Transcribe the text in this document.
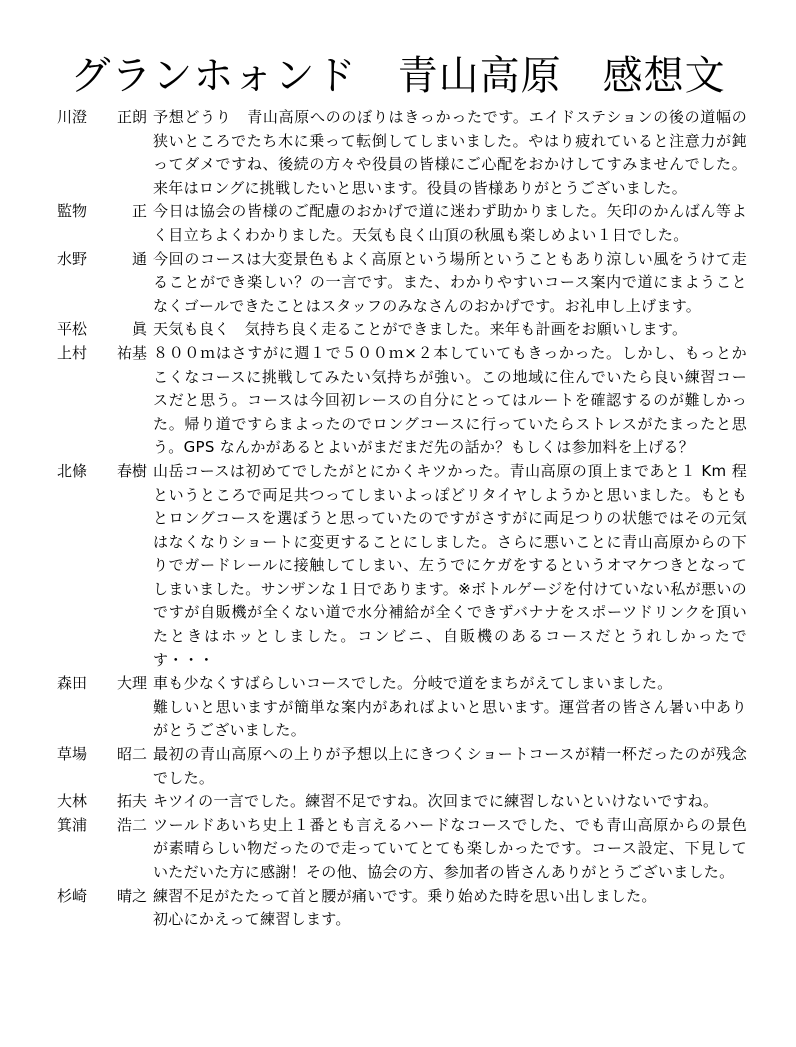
グランホォンド　青山高原　感想文
川澄 正朗 予想どうり　青山高原へののぼりはきっかったです。エイドステションの後の道幅の狭いところでたち木に乗って転倒してしまいました。やはり疲れていると注意力が鈍ってダメですね、後続の方々や役員の皆様にご心配をおかけしてすみませんでした。来年はロングに挑戦したいと思います。役員の皆様ありがとうございました。
監物	正 今日は協会の皆様のご配慮のおかげで道に迷わず助かりました。矢印のかんばん等よく目立ちよくわかりました。天気も良く山頂の秋風も楽しめよい１日でした。
水野	通 今回のコースは大変景色もよく高原という場所ということもあり涼しい風をうけて走ることができ楽しい？の一言です。また、わかりやすいコース案内で道にまようことなくゴールできたことはスタッフのみなさんのおかげです。お礼申し上げます。
平松	眞 天気も良く　気持ち良く走ることができました。来年も計画をお願いします。
上村 祐基 ８００ｍはさすがに週１で５００ｍ×２本していてもきっかった。しかし、もっとかこくなコースに挑戦してみたい気持ちが強い。この地域に住んでいたら良い練習コースだと思う。コースは今回初レースの自分にとってはルートを確認するのが難しかった。帰り道ですらまよったのでロングコースに行っていたらストレスがたまったと思う。GPS なんかがあるとよいがまだまだ先の話か？もしくは参加料を上げる？
北條 春樹 山岳コースは初めてでしたがとにかくキツかった。青山高原の頂上まであと１ Km 程というところで両足共つってしまいよっぽどリタイヤしようかと思いました。もともとロングコースを選ぼうと思っていたのですがさすがに両足つりの状態ではその元気はなくなりショートに変更することにしました。さらに悪いことに青山高原からの下りでガードレールに接触してしまい、左うでにケガをするというオマケつきとなってしまいました。サンザンな１日であります。※ボトルゲージを付けていない私が悪いのですが自販機が全くない道で水分補給が全くできずバナナをスポーツドリンクを頂いたときはホッとしました。コンビニ、自販機のあるコースだとうれしかったです・・・
森田 大理 車も少なくすばらしいコースでした。分岐で道をまちがえてしまいました。
難しいと思いますが簡単な案内があればよいと思います。運営者の皆さん暑い中ありがとうございました。
草場 昭二 最初の青山高原への上りが予想以上にきつくショートコースが精一杯だったのが残念でした。
大林 拓夫 キツイの一言でした。練習不足ですね。次回までに練習しないといけないですね。
箕浦 浩二 ツールドあいち史上１番とも言えるハードなコースでした、でも青山高原からの景色が素晴らしい物だったので走っていてとても楽しかったです。コース設定、下見していただいた方に感謝！その他、協会の方、参加者の皆さんありがとうございました。
杉崎 晴之 練習不足がたたって首と腰が痛いです。乗り始めた時を思い出しました。
初心にかえって練習します。
